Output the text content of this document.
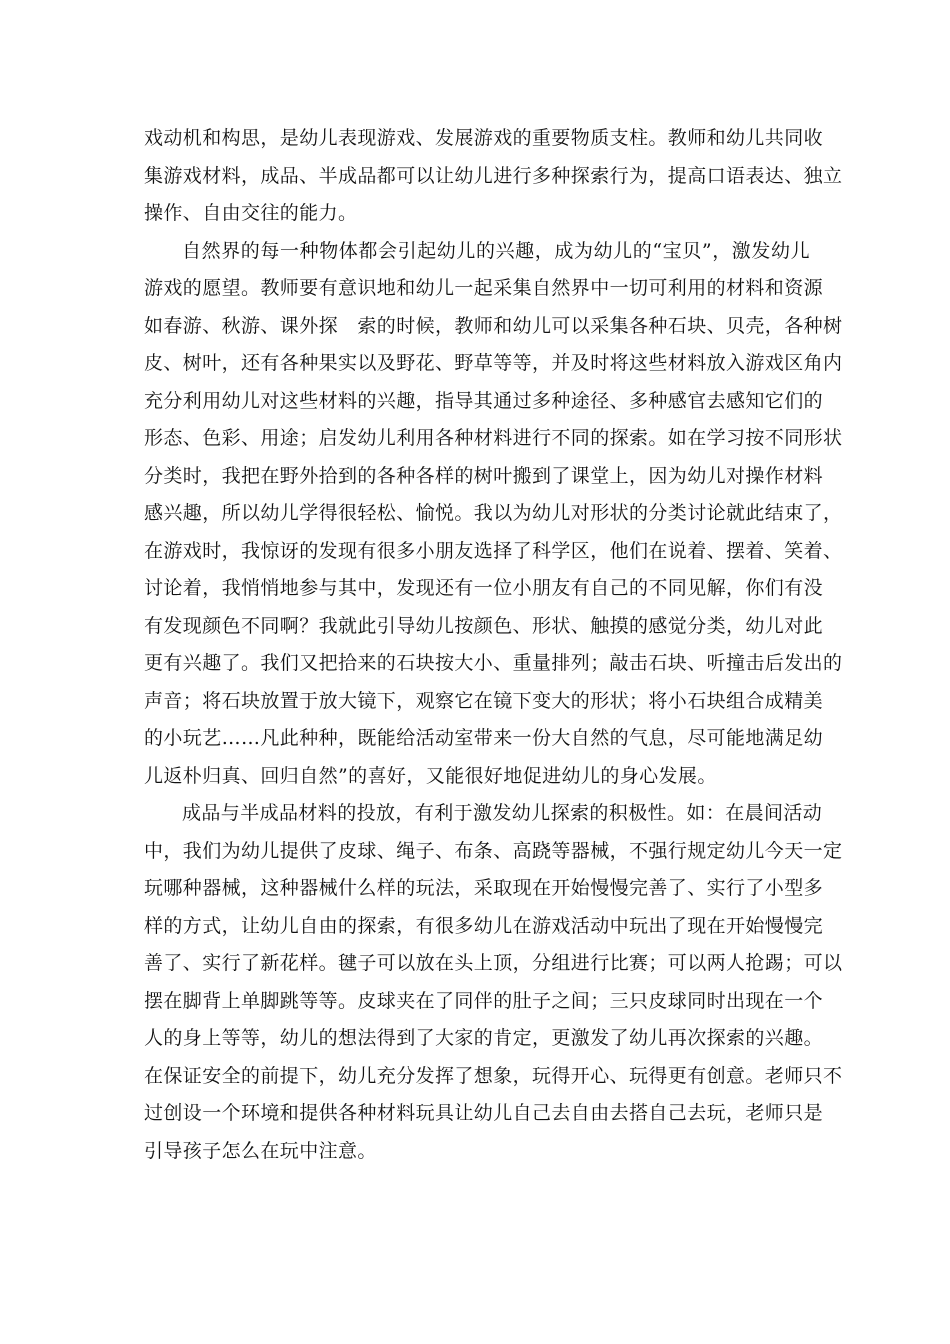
戏动机和构思，是幼儿表现游戏、发展游戏的重要物质支柱。教师和幼儿共同收
集游戏材料，成品、半成品都可以让幼儿进行多种探索行为，提高口语表达、独立
操作、自由交往的能力。
自然界的每一种物体都会引起幼儿的兴趣，成为幼儿的“宝贝”，激发幼儿
游戏的愿望。教师要有意识地和幼儿一起采集自然界中一切可利用的材料和资源
如春游、秋游、课外探　索的时候，教师和幼儿可以采集各种石块、贝壳，各种树
皮、树叶，还有各种果实以及野花、野草等等，并及时将这些材料放入游戏区角内
充分利用幼儿对这些材料的兴趣，指导其通过多种途径、多种感官去感知它们的
形态、色彩、用途；启发幼儿利用各种材料进行不同的探索。如在学习按不同形状
分类时，我把在野外拾到的各种各样的树叶搬到了课堂上，因为幼儿对操作材料
感兴趣，所以幼儿学得很轻松、愉悦。我以为幼儿对形状的分类讨论就此结束了，
在游戏时，我惊讶的发现有很多小朋友选择了科学区，他们在说着、摆着、笑着、
讨论着，我悄悄地参与其中，发现还有一位小朋友有自己的不同见解，你们有没
有发现颜色不同啊？我就此引导幼儿按颜色、形状、触摸的感觉分类，幼儿对此
更有兴趣了。我们又把拾来的石块按大小、重量排列；敲击石块、听撞击后发出的
声音；将石块放置于放大镜下，观察它在镜下变大的形状；将小石块组合成精美
的小玩艺……凡此种种，既能给活动室带来一份大自然的气息，尽可能地满足幼
儿返朴归真、回归自然”的喜好，又能很好地促进幼儿的身心发展。
成品与半成品材料的投放，有利于激发幼儿探索的积极性。如：在晨间活动
中，我们为幼儿提供了皮球、绳子、布条、高跷等器械，不强行规定幼儿今天一定
玩哪种器械，这种器械什么样的玩法，采取现在开始慢慢完善了、实行了小型多
样的方式，让幼儿自由的探索，有很多幼儿在游戏活动中玩出了现在开始慢慢完
善了、实行了新花样。毽子可以放在头上顶，分组进行比赛；可以两人抢踢；可以
摆在脚背上单脚跳等等。皮球夹在了同伴的肚子之间；三只皮球同时出现在一个
人的身上等等，幼儿的想法得到了大家的肯定，更激发了幼儿再次探索的兴趣。
在保证安全的前提下，幼儿充分发挥了想象，玩得开心、玩得更有创意。老师只不
过创设一个环境和提供各种材料玩具让幼儿自己去自由去搭自己去玩，老师只是
引导孩子怎么在玩中注意。
